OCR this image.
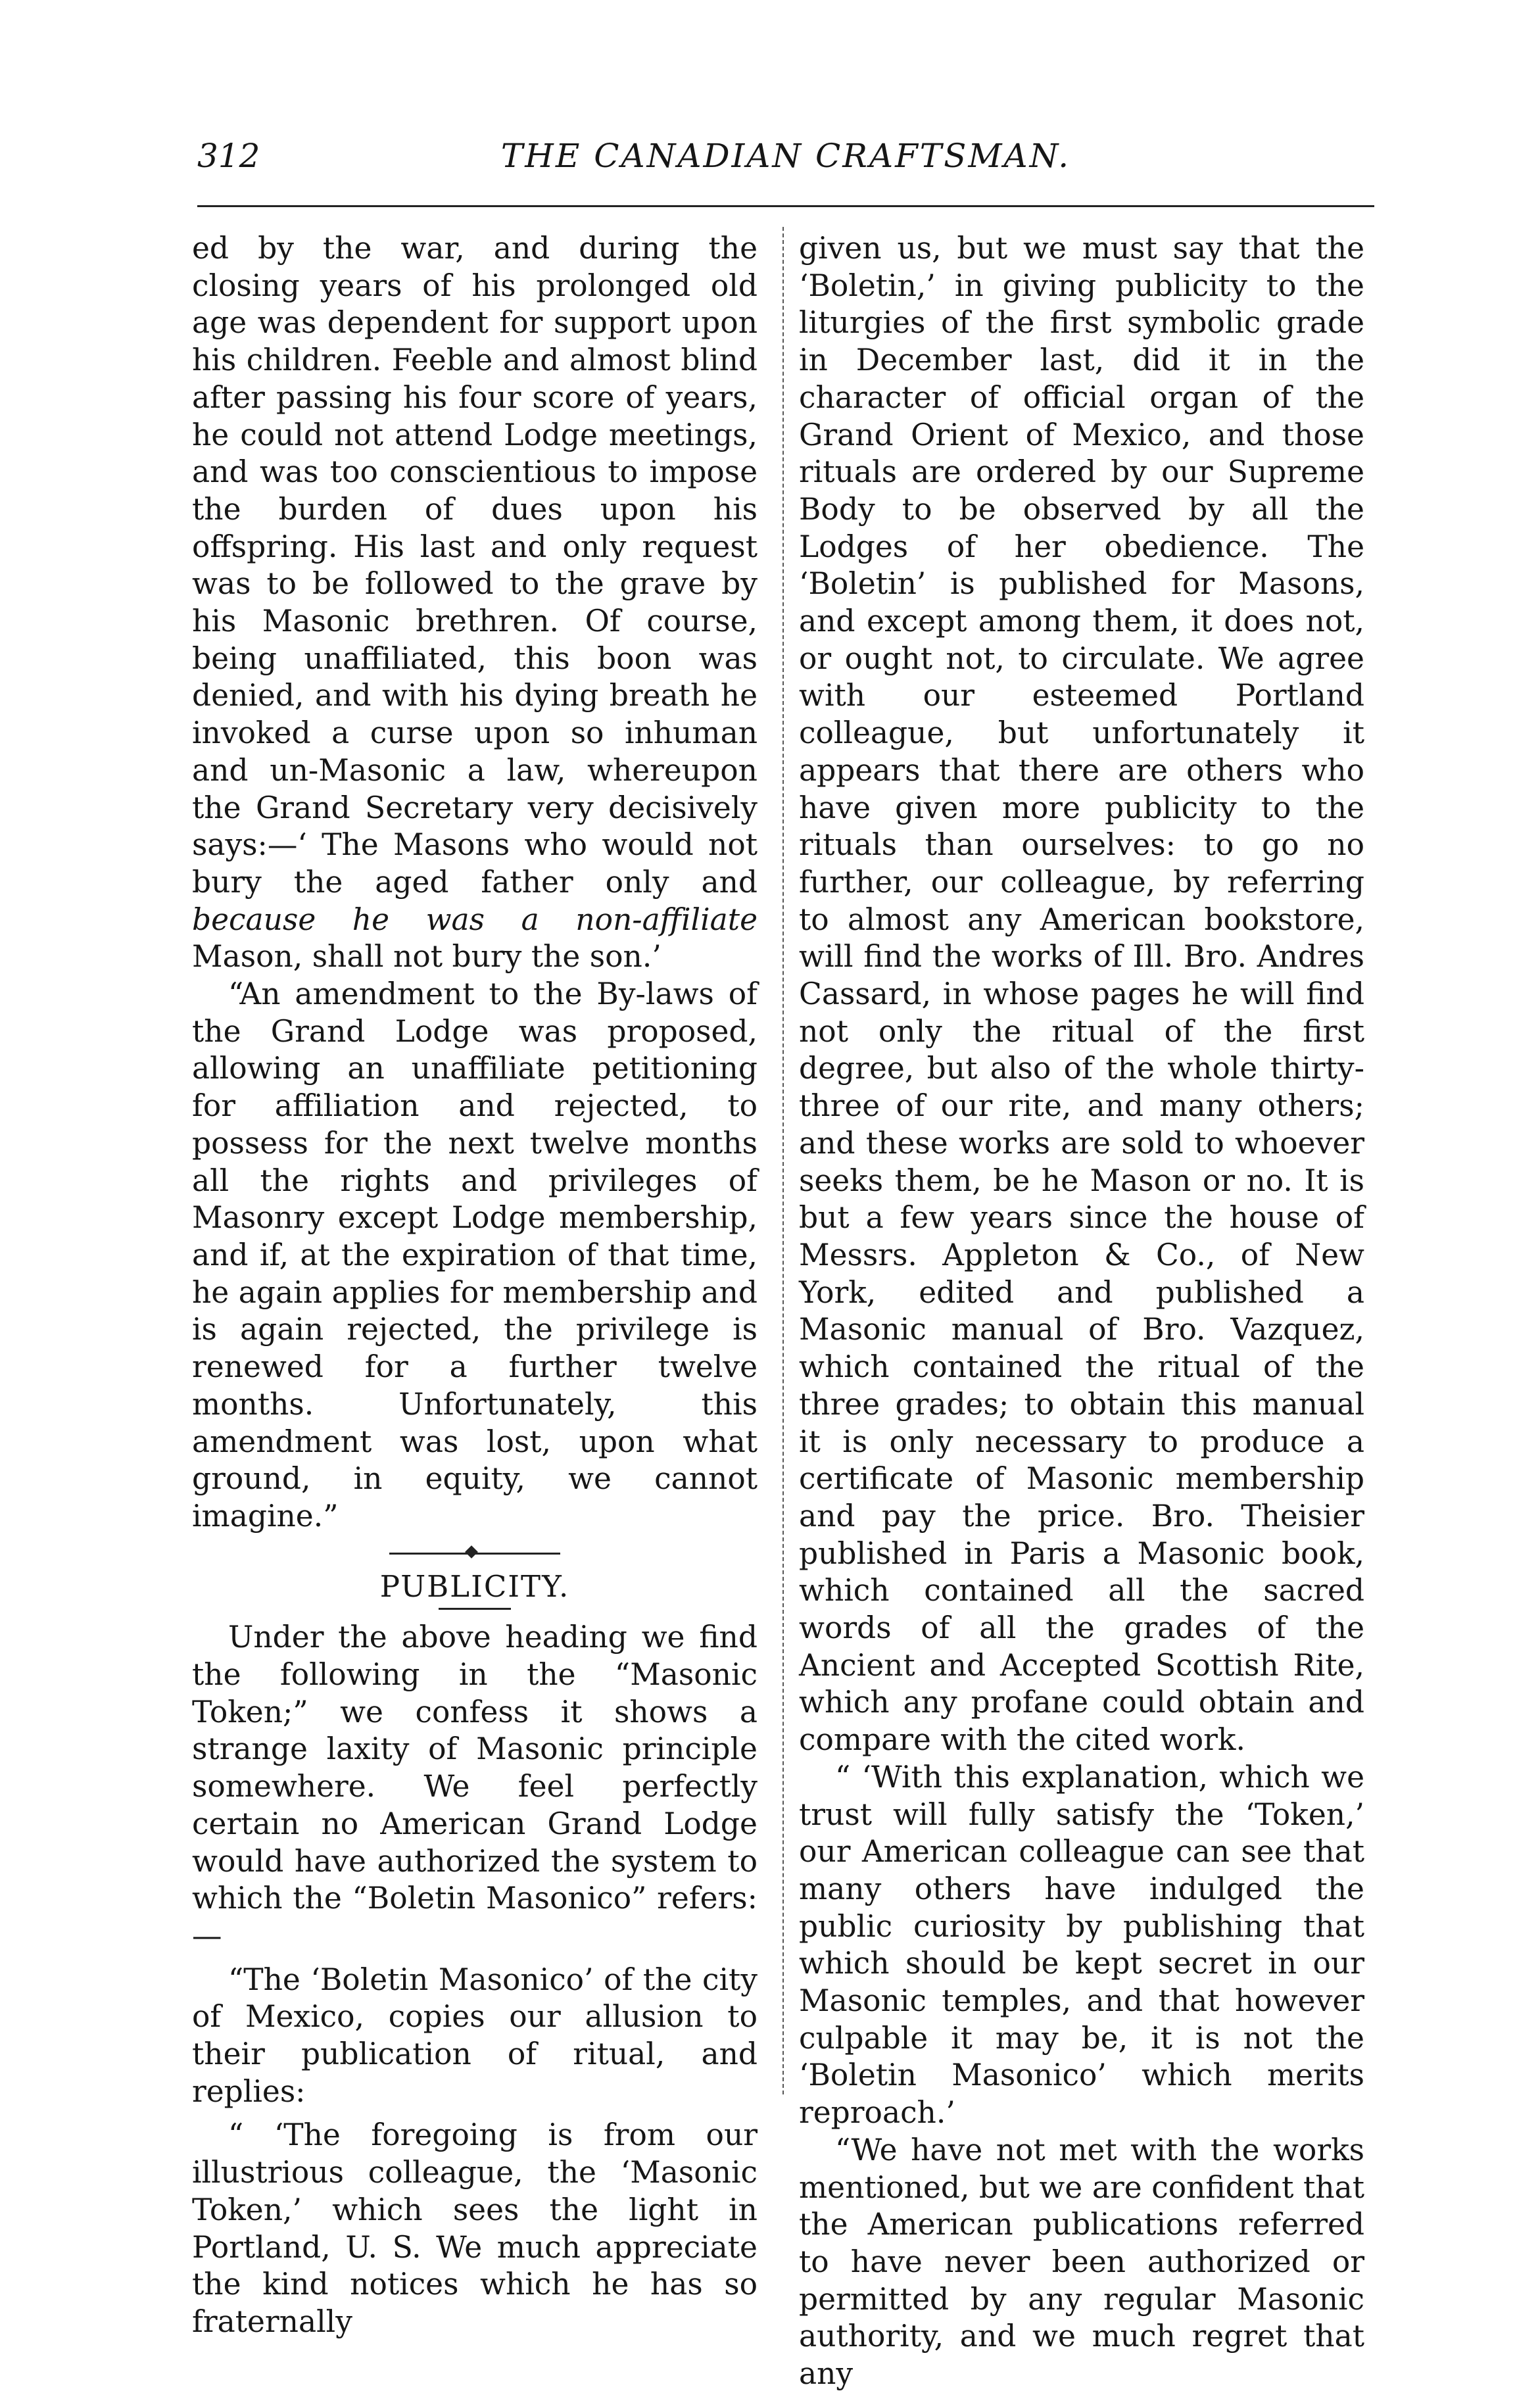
312	THE CANADIAN CRAFTSMAN.

ed by the war, and during the closing years of his prolonged old age was dependent for support upon his children. Feeble and almost blind after passing his four score of years, he could not attend Lodge meetings, and was too conscientious to impose the burden of dues upon his offspring. His last and only request was to be followed to the grave by his Masonic brethren. Of course, being unaffiliated, this boon was denied, and with his dying breath he invoked a curse upon so inhuman and un-Masonic a law, whereupon the Grand Secretary very decisively says:—‘ The Masons who would not bury the aged father only and because he was a non-affiliate Mason, shall not bury the son.’

“An amendment to the By-laws of the Grand Lodge was proposed, allowing an unaffiliate petitioning for affiliation and rejected, to possess for the next twelve months all the rights and privileges of Masonry except Lodge membership, and if, at the expiration of that time, he again applies for membership and is again rejected, the privilege is renewed for a further twelve months. Unfortunately, this amendment was lost, upon what ground, in equity, we cannot imagine.”

PUBLICITY.

Under the above heading we find the following in the “Masonic Token;” we confess it shows a strange laxity of Masonic principle somewhere. We feel perfectly certain no American Grand Lodge would have authorized the system to which the “Boletin Masonico” refers:—

“The ‘Boletin Masonico’ of the city of Mexico, copies our allusion to their publication of ritual, and replies:

“ ‘The foregoing is from our illustrious colleague, the ‘Masonic Token,’ which sees the light in Portland, U. S. We much appreciate the kind notices which he has so fraternally

given us, but we must say that the ‘Boletin,’ in giving publicity to the liturgies of the first symbolic grade in December last, did it in the character of official organ of the Grand Orient of Mexico, and those rituals are ordered by our Supreme Body to be observed by all the Lodges of her obedience. The ‘Boletin’ is published for Masons, and except among them, it does not, or ought not, to circulate. We agree with our esteemed Portland colleague, but unfortunately it appears that there are others who have given more publicity to the rituals than ourselves: to go no further, our colleague, by referring to almost any American bookstore, will find the works of Ill. Bro. Andres Cassard, in whose pages he will find not only the ritual of the first degree, but also of the whole thirty-three of our rite, and many others; and these works are sold to whoever seeks them, be he Mason or no. It is but a few years since the house of Messrs. Appleton & Co., of New York, edited and published a Masonic manual of Bro. Vazquez, which contained the ritual of the three grades; to obtain this manual it is only necessary to produce a certificate of Masonic membership and pay the price. Bro. Theisier published in Paris a Masonic book, which contained all the sacred words of all the grades of the Ancient and Accepted Scottish Rite, which any profane could obtain and compare with the cited work.

“ ‘With this explanation, which we trust will fully satisfy the ‘Token,’ our American colleague can see that many others have indulged the public curiosity by publishing that which should be kept secret in our Masonic temples, and that however culpable it may be, it is not the ‘Boletin Masonico’ which merits reproach.’

“We have not met with the works mentioned, but we are confident that the American publications referred to have never been authorized or permitted by any regular Masonic authority, and we much regret that any
